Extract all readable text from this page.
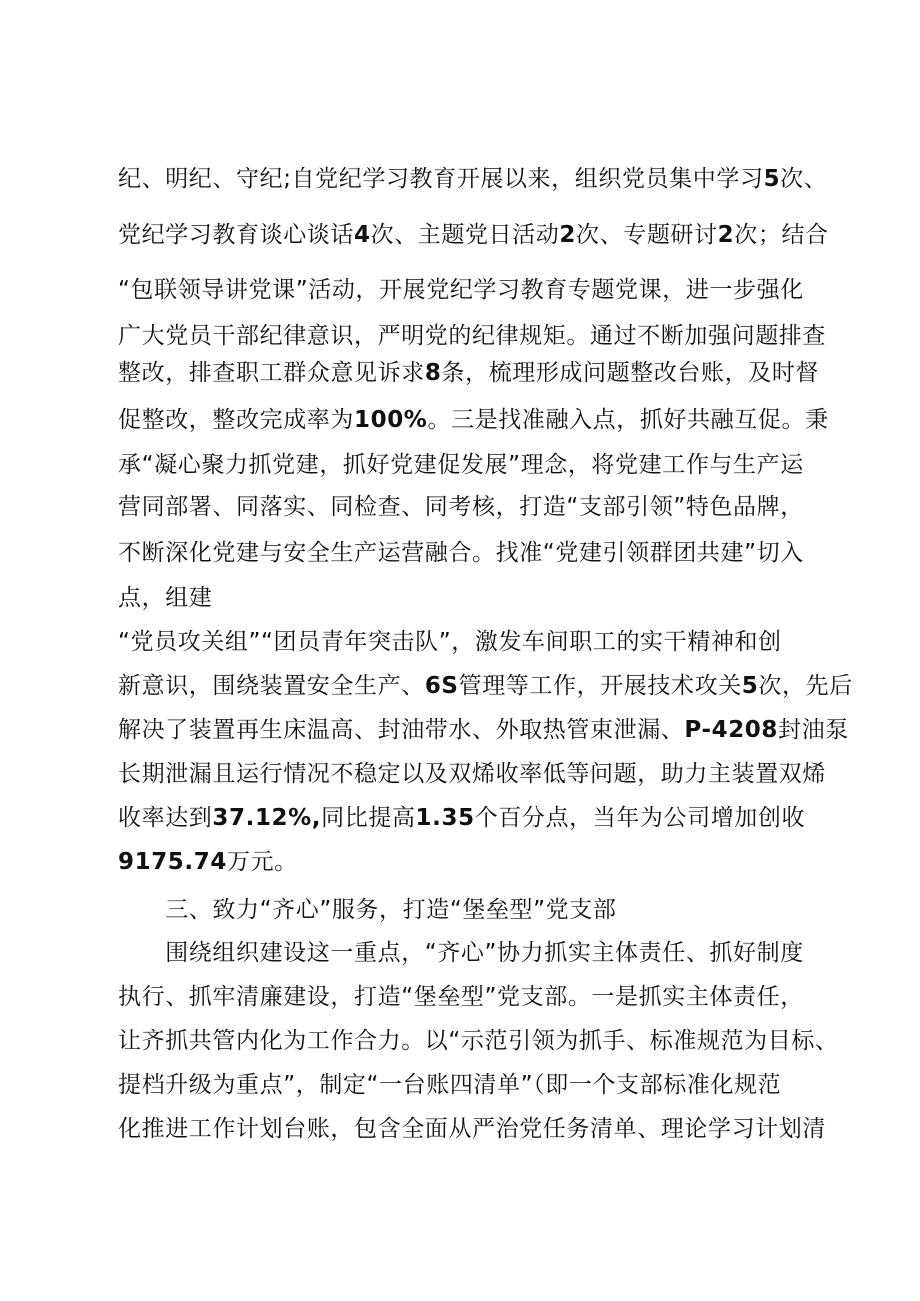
纪、明纪、守纪;自党纪学习教育开展以来，组织党员集中学习5次、
党纪学习教育谈心谈话4次、主题党日活动2次、专题研讨2次；结合
“包联领导讲党课”活动，开展党纪学习教育专题党课，进一步强化
广大党员干部纪律意识，严明党的纪律规矩。通过不断加强问题排查
整改，排查职工群众意见诉求8条，梳理形成问题整改台账，及时督
促整改，整改完成率为100%。三是找准融入点，抓好共融互促。秉
承“凝心聚力抓党建，抓好党建促发展”理念，将党建工作与生产运
营同部署、同落实、同检查、同考核，打造“支部引领”特色品牌，
不断深化党建与安全生产运营融合。找准“党建引领群团共建”切入
点，组建
“党员攻关组”“团员青年突击队”，激发车间职工的实干精神和创
新意识，围绕装置安全生产、6S管理等工作，开展技术攻关5次，先后
解决了装置再生床温高、封油带水、外取热管束泄漏、P-4208封油泵
长期泄漏且运行情况不稳定以及双烯收率低等问题，助力主装置双烯
收率达到37.12%,同比提高1.35个百分点，当年为公司增加创收
9175.74万元。
　　三、致力“齐心”服务，打造“堡垒型”党支部
　　围绕组织建设这一重点，“齐心”协力抓实主体责任、抓好制度
执行、抓牢清廉建设，打造“堡垒型”党支部。一是抓实主体责任，
让齐抓共管内化为工作合力。以“示范引领为抓手、标准规范为目标、
提档升级为重点”，制定“一台账四清单”（即一个支部标准化规范
化推进工作计划台账，包含全面从严治党任务清单、理论学习计划清
